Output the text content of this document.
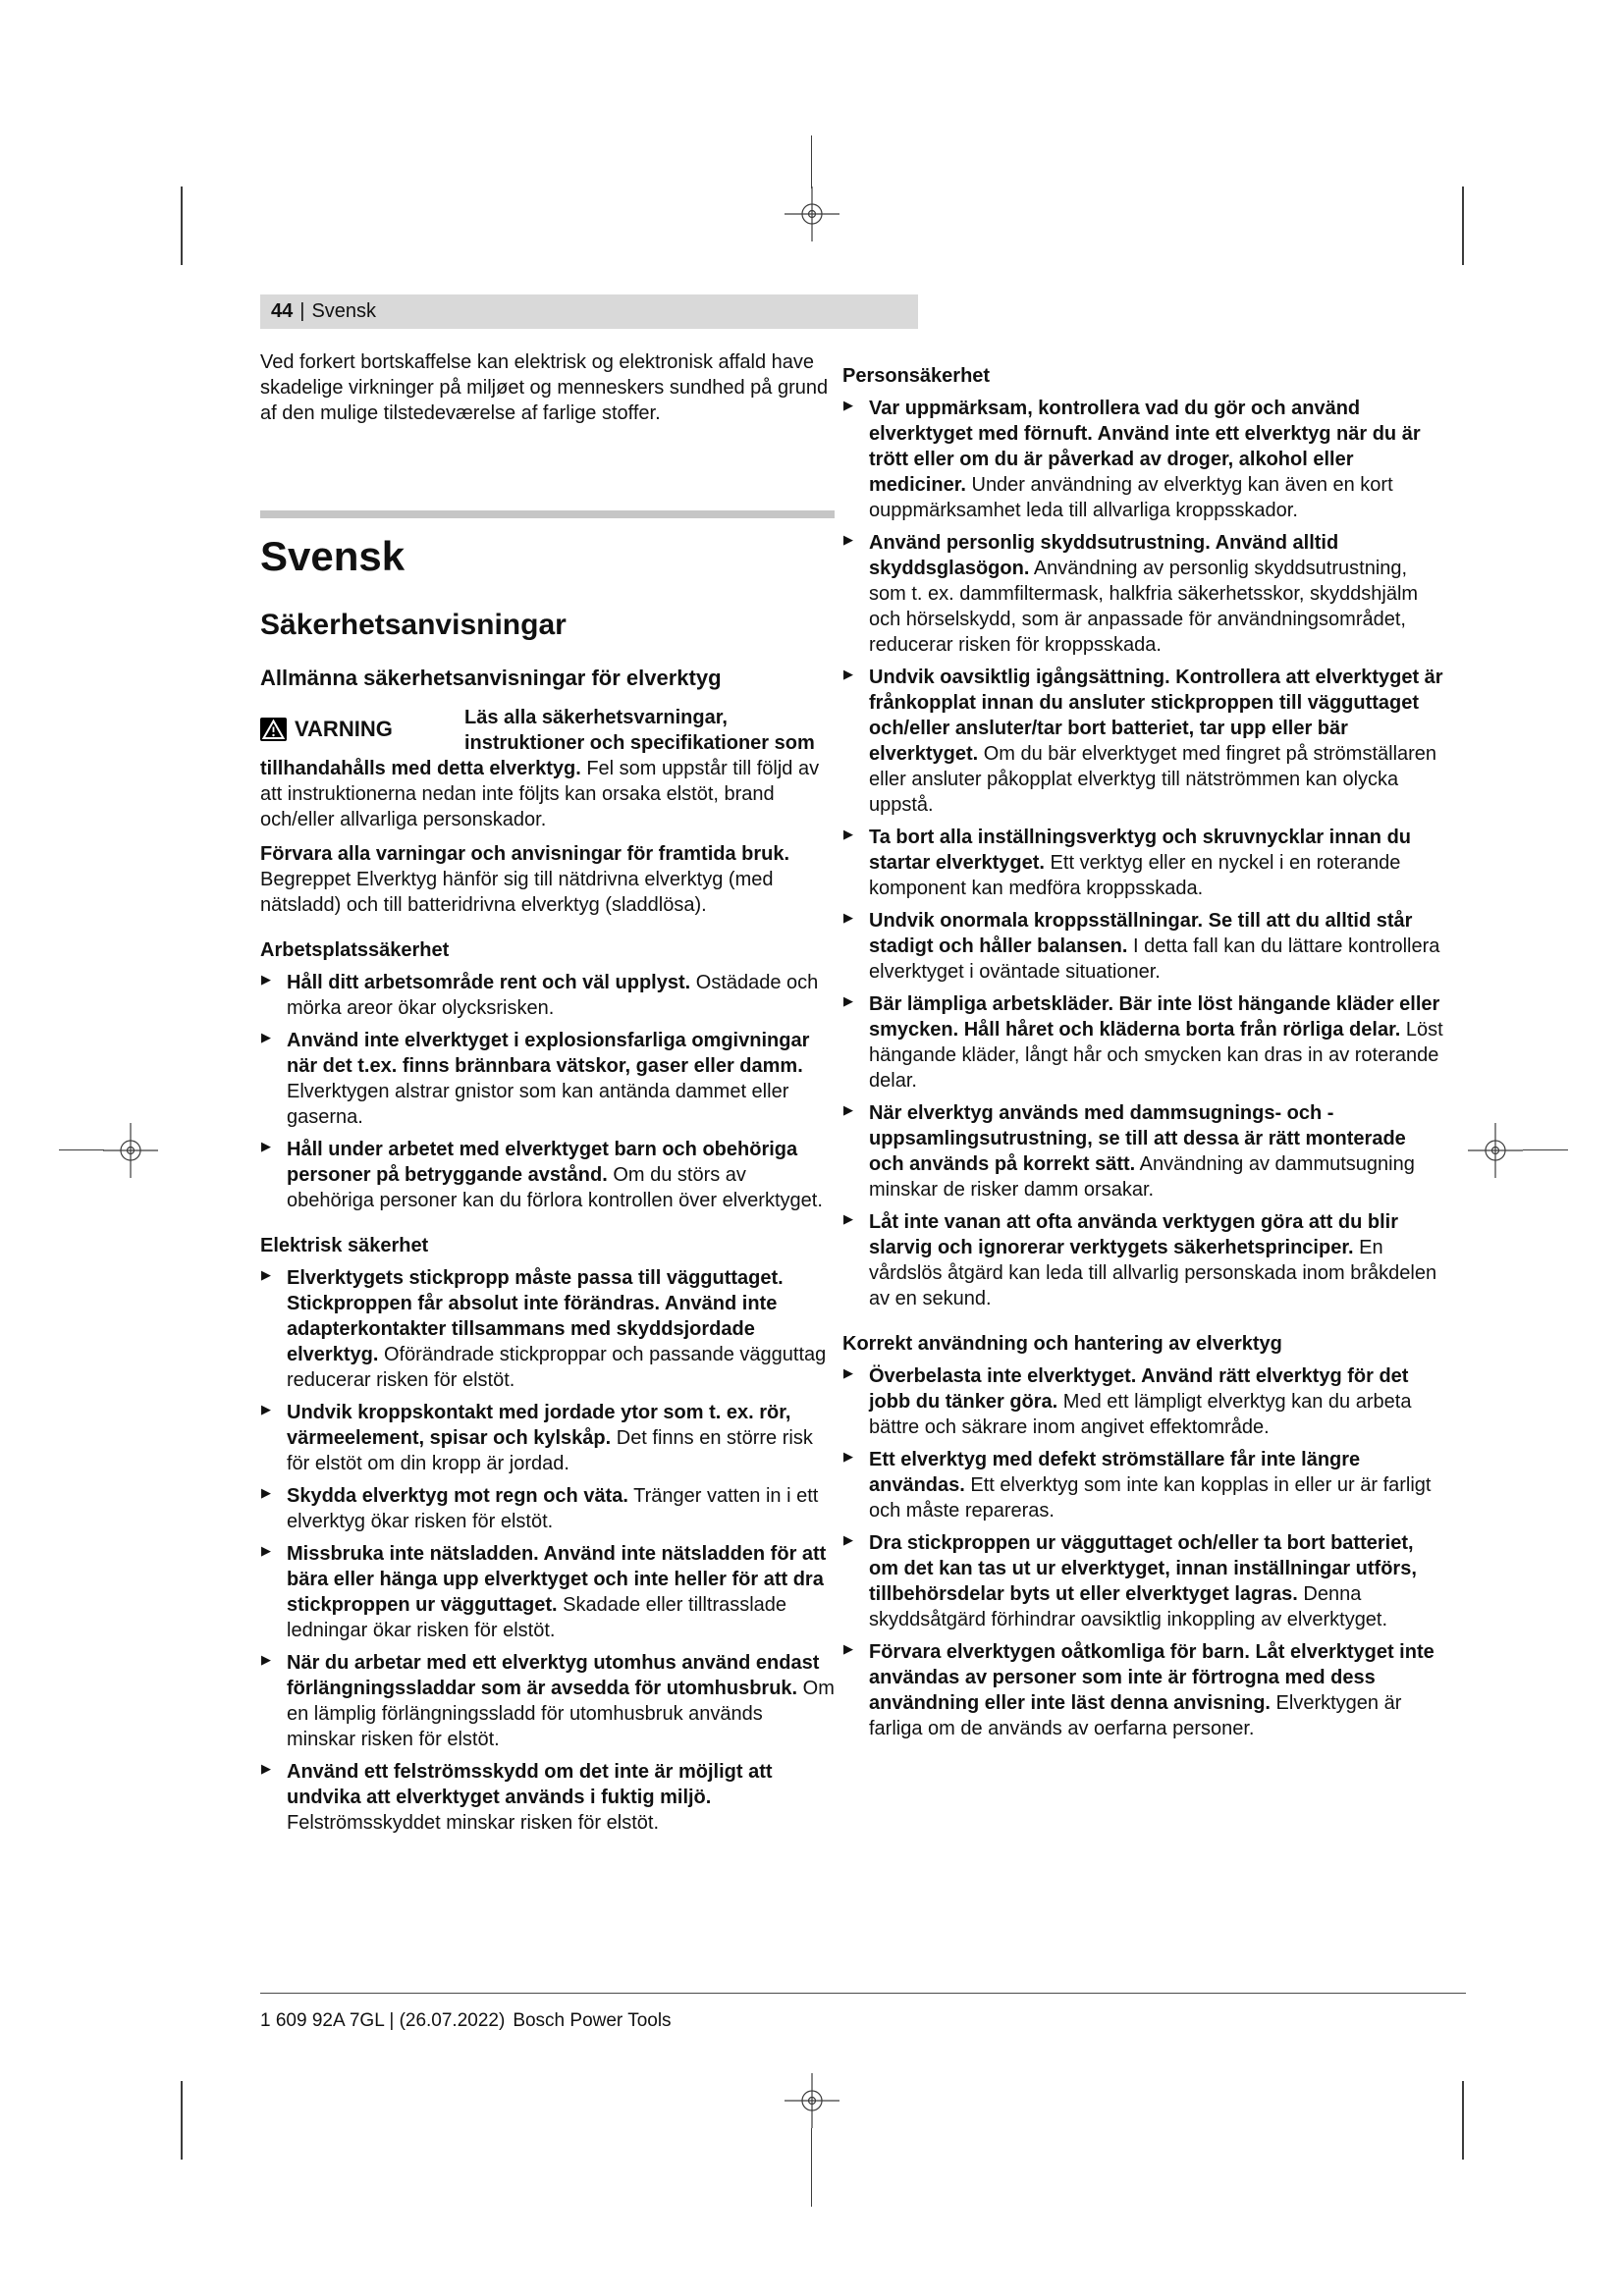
44 | Svensk

Ved forkert bortskaffelse kan elektrisk og elektronisk affald have skadelige virkninger på miljøet og menneskers sundhed på grund af den mulige tilstedeværelse af farlige stoffer.

Svensk
Säkerhetsanvisningar
Allmänna säkerhetsanvisningar för elverktyg
VARNING	Läs alla säkerhetsvarningar, instruktioner och specifikationer som tillhandahålls med detta elverktyg. Fel som uppstår till följd av att instruktionerna nedan inte följts kan orsaka elstöt, brand och/eller allvarliga personskador.

Förvara alla varningar och anvisningar för framtida bruk.

Begreppet Elverktyg hänför sig till nätdrivna elverktyg (med nätsladd) och till batteridrivna elverktyg (sladdlösa).

Arbetsplatssäkerhet
▶ Håll ditt arbetsområde rent och väl upplyst. Ostädade och mörka areor ökar olycksrisken.
▶ Använd inte elverktyget i explosionsfarliga omgivningar när det t.ex. finns brännbara vätskor, gaser eller damm. Elverktygen alstrar gnistor som kan antända dammet eller gaserna.
▶ Håll under arbetet med elverktyget barn och obehöriga personer på betryggande avstånd. Om du störs av obehöriga personer kan du förlora kontrollen över elverktyget.
Elektrisk säkerhet
▶ Elverktygets stickpropp måste passa till vägguttaget. Stickproppen får absolut inte förändras. Använd inte adapterkontakter tillsammans med skyddsjordade elverktyg. Oförändrade stickproppar och passande vägguttag reducerar risken för elstöt.
▶ Undvik kroppskontakt med jordade ytor som t. ex. rör, värmeelement, spisar och kylskåp. Det finns en större risk för elstöt om din kropp är jordad.
▶ Skydda elverktyg mot regn och väta. Tränger vatten in i ett elverktyg ökar risken för elstöt.
▶ Missbruka inte nätsladden. Använd inte nätsladden för att bära eller hänga upp elverktyget och inte heller för att dra stickproppen ur vägguttaget. Skadade eller tilltrasslade ledningar ökar risken för elstöt.
▶ När du arbetar med ett elverktyg utomhus använd endast förlängningssladdar som är avsedda för utomhusbruk. Om en lämplig förlängningssladd för utomhusbruk används minskar risken för elstöt.
▶ Använd ett felströmsskydd om det inte är möjligt att undvika att elverktyget används i fuktig miljö. Felströmsskyddet minskar risken för elstöt.
Personsäkerhet
▶ Var uppmärksam, kontrollera vad du gör och använd elverktyget med förnuft. Använd inte ett elverktyg när du är trött eller om du är påverkad av droger, alkohol eller mediciner. Under användning av elverktyg kan även en kort ouppmärksamhet leda till allvarliga kroppsskador.
▶ Använd personlig skyddsutrustning. Använd alltid skyddsglasögon. Användning av personlig skyddsutrustning, som t. ex. dammfiltermask, halkfria säkerhetsskor, skyddshjälm och hörselskydd, som är anpassade för användningsområdet, reducerar risken för kroppsskada.
▶ Undvik oavsiktlig igångsättning. Kontrollera att elverktyget är frånkopplat innan du ansluter stickproppen till vägguttaget och/eller ansluter/tar bort batteriet, tar upp eller bär elverktyget. Om du bär elverktyget med fingret på strömställaren eller ansluter påkopplat elverktyg till nätströmmen kan olycka uppstå.
▶ Ta bort alla inställningsverktyg och skruvnycklar innan du startar elverktyget. Ett verktyg eller en nyckel i en roterande komponent kan medföra kroppsskada.
▶ Undvik onormala kroppsställningar. Se till att du alltid står stadigt och håller balansen. I detta fall kan du lättare kontrollera elverktyget i oväntade situationer.
▶ Bär lämpliga arbetskläder. Bär inte löst hängande kläder eller smycken. Håll håret och kläderna borta från rörliga delar. Löst hängande kläder, långt hår och smycken kan dras in av roterande delar.
▶ När elverktyg används med dammsugnings- och -uppsamlingsutrustning, se till att dessa är rätt monterade och används på korrekt sätt. Användning av dammutsugning minskar de risker damm orsakar.
▶ Låt inte vanan att ofta använda verktygen göra att du blir slarvig och ignorerar verktygets säkerhetsprinciper. En vårdslös åtgärd kan leda till allvarlig personskada inom bråkdelen av en sekund.
Korrekt användning och hantering av elverktyg
▶ Överbelasta inte elverktyget. Använd rätt elverktyg för det jobb du tänker göra. Med ett lämpligt elverktyg kan du arbeta bättre och säkrare inom angivet effektområde.
▶ Ett elverktyg med defekt strömställare får inte längre användas. Ett elverktyg som inte kan kopplas in eller ur är farligt och måste repareras.
▶ Dra stickproppen ur vägguttaget och/eller ta bort batteriet, om det kan tas ut ur elverktyget, innan inställningar utförs, tillbehörsdelar byts ut eller elverktyget lagras. Denna skyddsåtgärd förhindrar oavsiktlig inkoppling av elverktyget.
▶ Förvara elverktygen oåtkomliga för barn. Låt elverktyget inte användas av personer som inte är förtrogna med dess användning eller inte läst denna anvisning. Elverktygen är farliga om de används av oerfarna personer.
1 609 92A 7GL | (26.07.2022) Bosch Power Tools
